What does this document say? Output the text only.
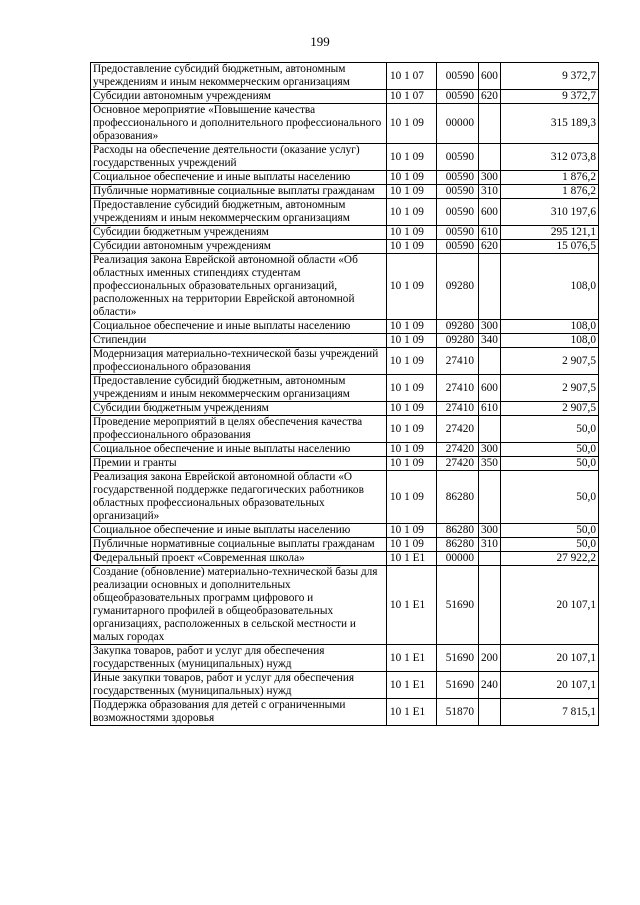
199
Предоставление субсидий бюджетным, автономным учреждениям и иным некоммерческим организациям	10 1 07	00590	600	9 372,7
Субсидии автономным учреждениям	10 1 07	00590	620	9 372,7
Основное мероприятие «Повышение качества профессионального и дополнительного профессионального образования»	10 1 09	00000		315 189,3
Расходы на обеспечение деятельности (оказание услуг) государственных учреждений	10 1 09	00590		312 073,8
Социальное обеспечение и иные выплаты населению	10 1 09	00590	300	1 876,2
Публичные нормативные социальные выплаты гражданам	10 1 09	00590	310	1 876,2
Предоставление субсидий бюджетным, автономным учреждениям и иным некоммерческим организациям	10 1 09	00590	600	310 197,6
Субсидии бюджетным учреждениям	10 1 09	00590	610	295 121,1
Субсидии автономным учреждениям	10 1 09	00590	620	15 076,5
Реализация закона Еврейской автономной области «Об областных именных стипендиях студентам профессиональных образовательных организаций, расположенных на территории Еврейской автономной области»	10 1 09	09280		108,0
Социальное обеспечение и иные выплаты населению	10 1 09	09280	300	108,0
Стипендии	10 1 09	09280	340	108,0
Модернизация материально-технической базы учреждений профессионального образования	10 1 09	27410		2 907,5
Предоставление субсидий бюджетным, автономным учреждениям и иным некоммерческим организациям	10 1 09	27410	600	2 907,5
Субсидии бюджетным учреждениям	10 1 09	27410	610	2 907,5
Проведение мероприятий в целях обеспечения качества профессионального образования	10 1 09	27420		50,0
Социальное обеспечение и иные выплаты населению	10 1 09	27420	300	50,0
Премии и гранты	10 1 09	27420	350	50,0
Реализация закона Еврейской автономной области «О государственной поддержке педагогических работников областных профессиональных образовательных организаций»	10 1 09	86280		50,0
Социальное обеспечение и иные выплаты населению	10 1 09	86280	300	50,0
Публичные нормативные социальные выплаты гражданам	10 1 09	86280	310	50,0
Федеральный проект «Современная школа»	10 1 E1	00000		27 922,2
Создание (обновление) материально-технической базы для реализации основных и дополнительных общеобразовательных программ цифрового и гуманитарного профилей в общеобразовательных организациях, расположенных в сельской местности и малых городах	10 1 E1	51690		20 107,1
Закупка товаров, работ и услуг для обеспечения государственных (муниципальных) нужд	10 1 E1	51690	200	20 107,1
Иные закупки товаров, работ и услуг для обеспечения государственных (муниципальных) нужд	10 1 E1	51690	240	20 107,1
Поддержка образования для детей с ограниченными возможностями здоровья	10 1 E1	51870		7 815,1
